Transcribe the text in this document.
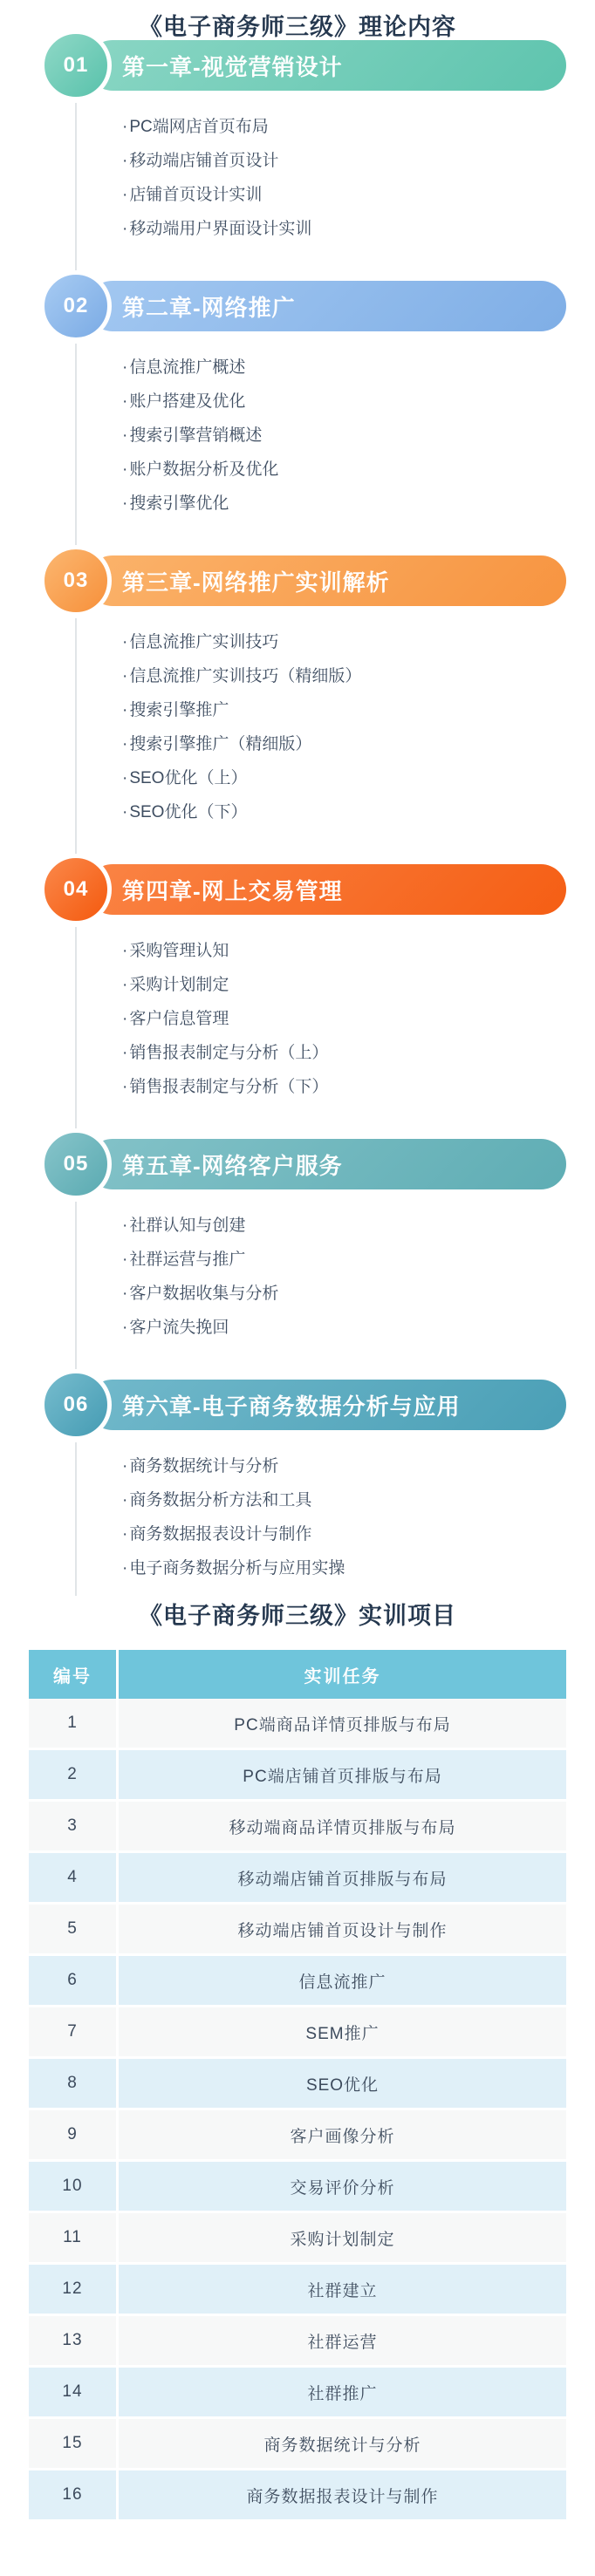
《电子商务师三级》理论内容
01	第一章-视觉营销设计
· PC端网店首页布局
· 移动端店铺首页设计
· 店铺首页设计实训
· 移动端用户界面设计实训
02	第二章-网络推广
· 信息流推广概述
· 账户搭建及优化
· 搜索引擎营销概述
· 账户数据分析及优化
· 搜索引擎优化
03	第三章-网络推广实训解析
· 信息流推广实训技巧
· 信息流推广实训技巧（精细版）
· 搜索引擎推广
· 搜索引擎推广（精细版）
· SEO优化（上）
· SEO优化（下）
04	第四章-网上交易管理
· 采购管理认知
· 采购计划制定
· 客户信息管理
· 销售报表制定与分析（上）
· 销售报表制定与分析（下）
05	第五章-网络客户服务
· 社群认知与创建
· 社群运营与推广
· 客户数据收集与分析
· 客户流失挽回
06	第六章-电子商务数据分析与应用
· 商务数据统计与分析
· 商务数据分析方法和工具
· 商务数据报表设计与制作
· 电子商务数据分析与应用实操
《电子商务师三级》实训项目
编号	实训任务
1	PC端商品详情页排版与布局
2	PC端店铺首页排版与布局
3	移动端商品详情页排版与布局
4	移动端店铺首页排版与布局
5	移动端店铺首页设计与制作
6	信息流推广
7	SEM推广
8	SEO优化
9	客户画像分析
10	交易评价分析
11	采购计划制定
12	社群建立
13	社群运营
14	社群推广
15	商务数据统计与分析
16	商务数据报表设计与制作
